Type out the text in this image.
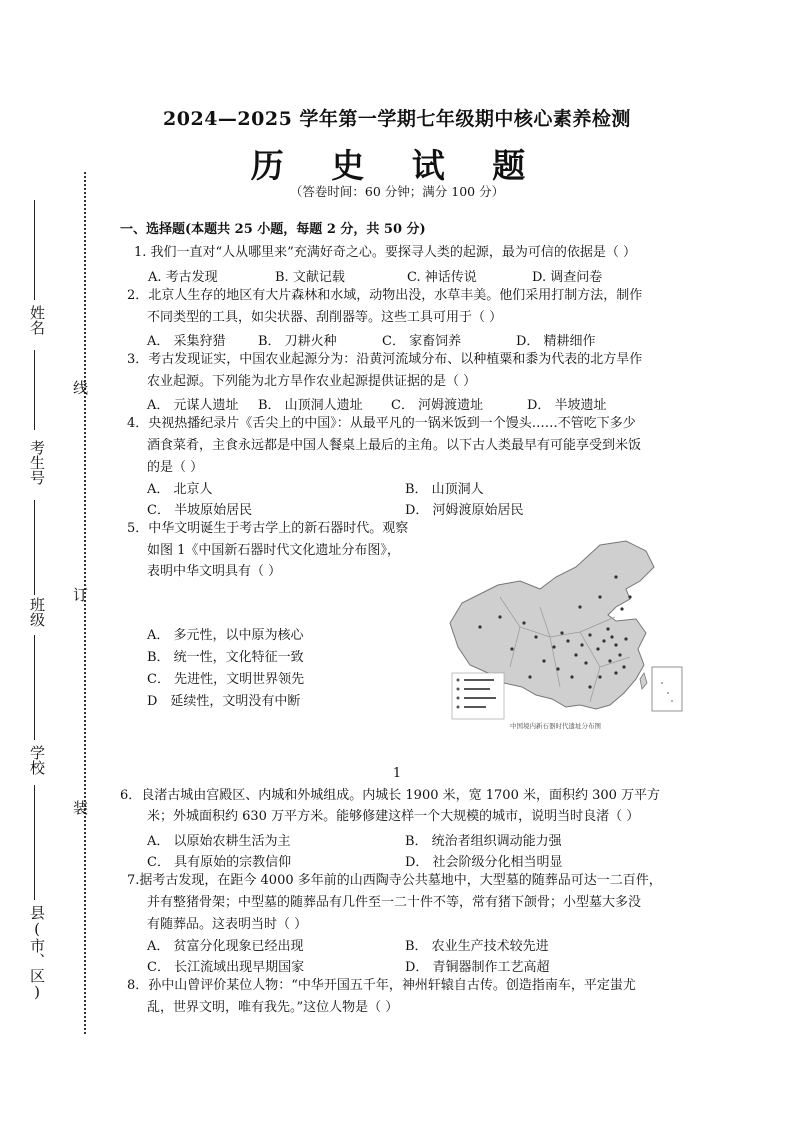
2024—2025 学年第一学期七年级期中核心素养检测
历 史 试 题
（答卷时间：60 分钟；满分 100 分）
姓名
线
考生号
班级
订
学校
装
县(市、区)
一、选择题(本题共 25 小题，每题 2 分，共 50 分)
1. 我们一直对“人从哪里来”充满好奇之心。要探寻人类的起源，最为可信的依据是（ ）
A. 考古发现	B. 文献记载	C. 神话传说	D. 调查问卷
2．北京人生存的地区有大片森林和水域，动物出没，水草丰美。他们采用打制方法，制作
不同类型的工具，如尖状器、刮削器等。这些工具可用于（ ）
A． 采集狩猎 B． 刀耕火种	C． 家畜饲养	D． 精耕细作
3．考古发现证实，中国农业起源分为：沿黄河流域分布、以种植粟和黍为代表的北方旱作
农业起源。下列能为北方旱作农业起源提供证据的是（ ）
A． 元谋人遗址 B． 山顶洞人遗址 C． 河姆渡遗址	D． 半坡遗址
4．央视热播纪录片《舌尖上的中国》：从最平凡的一锅米饭到一个馒头……不管吃下多少
酒食菜肴，主食永远都是中国人餐桌上最后的主角。以下古人类最早有可能享受到米饭
的是（ ）
A． 北京人	B． 山顶洞人
C． 半坡原始居民	D． 河姆渡原始居民
5．中华文明诞生于考古学上的新石器时代。观察
如图 1《中国新石器时代文化遗址分布图》，
表明中华文明具有（ ）
A． 多元性，以中原为核心
B． 统一性，文化特征一致
C． 先进性，文明世界领先
D　延续性，文明没有中断
中国境内新石器时代遗址分布图
1
6．良渚古城由宫殿区、内城和外城组成。内城长 1900 米，宽 1700 米，面积约 300 万平方
米；外城面积约 630 万平方米。能够修建这样一个大规模的城市，说明当时良渚（ ）
A． 以原始农耕生活为主	B． 统治者组织调动能力强
C． 具有原始的宗教信仰	D． 社会阶级分化相当明显
7.据考古发现，在距今 4000 多年前的山西陶寺公共墓地中，大型墓的随葬品可达一二百件，
并有整猪骨架；中型墓的随葬品有几件至一二十件不等，常有猪下颌骨；小型墓大多没
有随葬品。这表明当时（ ）
A． 贫富分化现象已经出现	B． 农业生产技术较先进
C． 长江流域出现早期国家	D． 青铜器制作工艺高超
8．孙中山曾评价某位人物：“中华开国五千年，神州轩辕自古传。创造指南车，平定蚩尤
乱，世界文明，唯有我先。”这位人物是（ ）
